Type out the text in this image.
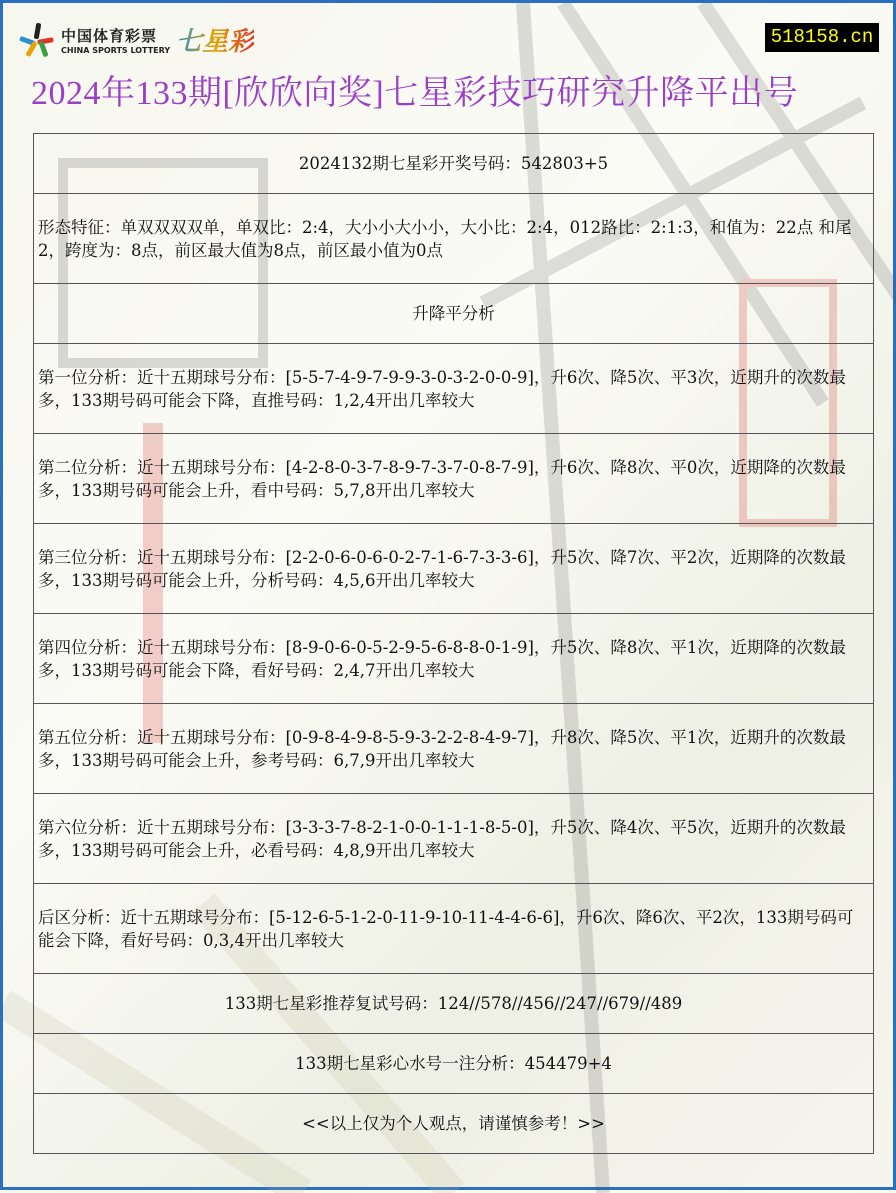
中国体育彩票
CHINA SPORTS LOTTERY 七星彩	518158.cn
2024年133期[欣欣向奖]七星彩技巧研究升降平出号
2024132期七星彩开奖号码：542803+5
形态特征：单双双双双单，单双比：2:4，大小小大小小，大小比：2:4，012路比：2:1:3，和值为：22点 和尾2，跨度为：8点，前区最大值为8点，前区最小值为0点
升降平分析
第一位分析：近十五期球号分布：[5-5-7-4-9-7-9-9-3-0-3-2-0-0-9]，升6次、降5次、平3次，近期升的次数最多，133期号码可能会下降，直推号码：1,2,4开出几率较大
第二位分析：近十五期球号分布：[4-2-8-0-3-7-8-9-7-3-7-0-8-7-9]，升6次、降8次、平0次，近期降的次数最多，133期号码可能会上升，看中号码：5,7,8开出几率较大
第三位分析：近十五期球号分布：[2-2-0-6-0-6-0-2-7-1-6-7-3-3-6]，升5次、降7次、平2次，近期降的次数最多，133期号码可能会上升，分析号码：4,5,6开出几率较大
第四位分析：近十五期球号分布：[8-9-0-6-0-5-2-9-5-6-8-8-0-1-9]，升5次、降8次、平1次，近期降的次数最多，133期号码可能会下降，看好号码：2,4,7开出几率较大
第五位分析：近十五期球号分布：[0-9-8-4-9-8-5-9-3-2-2-8-4-9-7]，升8次、降5次、平1次，近期升的次数最多，133期号码可能会上升，参考号码：6,7,9开出几率较大
第六位分析：近十五期球号分布：[3-3-3-7-8-2-1-0-0-1-1-1-8-5-0]，升5次、降4次、平5次，近期升的次数最多，133期号码可能会上升，必看号码：4,8,9开出几率较大
后区分析：近十五期球号分布：[5-12-6-5-1-2-0-11-9-10-11-4-4-6-6]，升6次、降6次、平2次，133期号码可能会下降，看好号码：0,3,4开出几率较大
133期七星彩推荐复试号码：124//578//456//247//679//489
133期七星彩心水号一注分析：454479+4
<<以上仅为个人观点，请谨慎参考！>>
